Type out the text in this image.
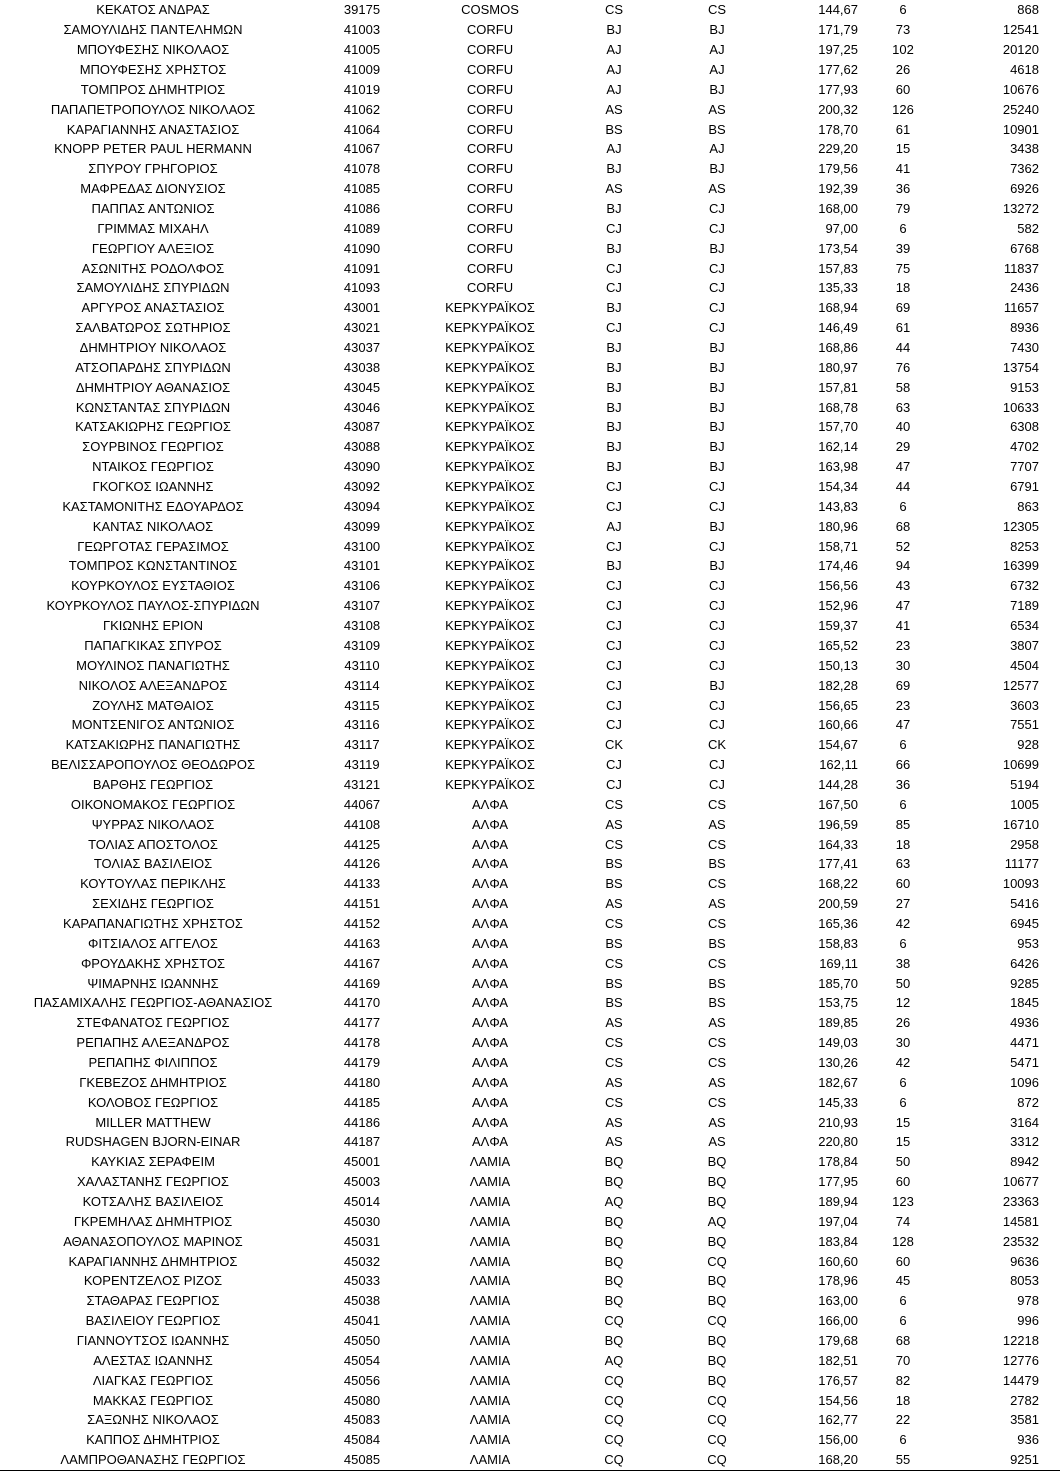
ΚΕΚΑΤΟΣ ΑΝΔΡΑΣ	39175	COSMOS	CS	CS	144,67	6	868
ΣΑΜΟΥΛΙΔΗΣ ΠΑΝΤΕΛΗΜΩΝ	41003	CORFU	BJ	BJ	171,79	73	12541
ΜΠΟΥΦΕΣΗΣ ΝΙΚΟΛΑΟΣ	41005	CORFU	AJ	AJ	197,25	102	20120
ΜΠΟΥΦΕΣΗΣ ΧΡΗΣΤΟΣ	41009	CORFU	AJ	AJ	177,62	26	4618
ΤΟΜΠΡΟΣ ΔΗΜΗΤΡΙΟΣ	41019	CORFU	AJ	BJ	177,93	60	10676
ΠΑΠΑΠΕΤΡΟΠΟΥΛΟΣ ΝΙΚΟΛΑΟΣ	41062	CORFU	AS	AS	200,32	126	25240
ΚΑΡΑΓΙΑΝΝΗΣ ΑΝΑΣΤΑΣΙΟΣ	41064	CORFU	BS	BS	178,70	61	10901
KNOPP PETER PAUL HERMANN	41067	CORFU	AJ	AJ	229,20	15	3438
ΣΠΥΡΟΥ ΓΡΗΓΟΡΙΟΣ	41078	CORFU	BJ	BJ	179,56	41	7362
ΜΑΦΡΕΔΑΣ ΔΙΟΝΥΣΙΟΣ	41085	CORFU	AS	AS	192,39	36	6926
ΠΑΠΠΑΣ ΑΝΤΩΝΙΟΣ	41086	CORFU	BJ	CJ	168,00	79	13272
ΓΡΙΜΜΑΣ ΜΙΧΑΗΛ	41089	CORFU	CJ	CJ	97,00	6	582
ΓΕΩΡΓΙΟΥ ΑΛΕΞΙΟΣ	41090	CORFU	BJ	BJ	173,54	39	6768
ΑΣΩΝΙΤΗΣ ΡΟΔΟΛΦΟΣ	41091	CORFU	CJ	CJ	157,83	75	11837
ΣΑΜΟΥΛΙΔΗΣ ΣΠΥΡΙΔΩΝ	41093	CORFU	CJ	CJ	135,33	18	2436
ΑΡΓΥΡΟΣ ΑΝΑΣΤΑΣΙΟΣ	43001	ΚΕΡΚΥΡΑΪΚΟΣ	BJ	CJ	168,94	69	11657
ΣΑΛΒΑΤΩΡΟΣ ΣΩΤΗΡΙΟΣ	43021	ΚΕΡΚΥΡΑΪΚΟΣ	CJ	CJ	146,49	61	8936
ΔΗΜΗΤΡΙΟΥ ΝΙΚΟΛΑΟΣ	43037	ΚΕΡΚΥΡΑΪΚΟΣ	BJ	BJ	168,86	44	7430
ΑΤΣΟΠΑΡΔΗΣ ΣΠΥΡΙΔΩΝ	43038	ΚΕΡΚΥΡΑΪΚΟΣ	BJ	BJ	180,97	76	13754
ΔΗΜΗΤΡΙΟΥ ΑΘΑΝΑΣΙΟΣ	43045	ΚΕΡΚΥΡΑΪΚΟΣ	BJ	BJ	157,81	58	9153
ΚΩΝΣΤΑΝΤΑΣ ΣΠΥΡΙΔΩΝ	43046	ΚΕΡΚΥΡΑΪΚΟΣ	BJ	BJ	168,78	63	10633
ΚΑΤΣΑΚΙΩΡΗΣ ΓΕΩΡΓΙΟΣ	43087	ΚΕΡΚΥΡΑΪΚΟΣ	BJ	BJ	157,70	40	6308
ΣΟΥΡΒΙΝΟΣ ΓΕΩΡΓΙΟΣ	43088	ΚΕΡΚΥΡΑΪΚΟΣ	BJ	BJ	162,14	29	4702
ΝΤΑΙΚΟΣ ΓΕΩΡΓΙΟΣ	43090	ΚΕΡΚΥΡΑΪΚΟΣ	BJ	BJ	163,98	47	7707
ΓΚΟΓΚΟΣ ΙΩΑΝΝΗΣ	43092	ΚΕΡΚΥΡΑΪΚΟΣ	CJ	CJ	154,34	44	6791
ΚΑΣΤΑΜΟΝΙΤΗΣ ΕΔΟΥΑΡΔΟΣ	43094	ΚΕΡΚΥΡΑΪΚΟΣ	CJ	CJ	143,83	6	863
ΚΑΝΤΑΣ ΝΙΚΟΛΑΟΣ	43099	ΚΕΡΚΥΡΑΪΚΟΣ	AJ	BJ	180,96	68	12305
ΓΕΩΡΓΟΤΑΣ ΓΕΡΑΣΙΜΟΣ	43100	ΚΕΡΚΥΡΑΪΚΟΣ	CJ	CJ	158,71	52	8253
ΤΟΜΠΡΟΣ ΚΩΝΣΤΑΝΤΙΝΟΣ	43101	ΚΕΡΚΥΡΑΪΚΟΣ	BJ	BJ	174,46	94	16399
ΚΟΥΡΚΟΥΛΟΣ ΕΥΣΤΑΘΙΟΣ	43106	ΚΕΡΚΥΡΑΪΚΟΣ	CJ	CJ	156,56	43	6732
ΚΟΥΡΚΟΥΛΟΣ ΠΑΥΛΟΣ-ΣΠΥΡΙΔΩΝ	43107	ΚΕΡΚΥΡΑΪΚΟΣ	CJ	CJ	152,96	47	7189
ΓΚΙΩΝΗΣ ΕΡΙΟΝ	43108	ΚΕΡΚΥΡΑΪΚΟΣ	CJ	CJ	159,37	41	6534
ΠΑΠΑΓΚΙΚΑΣ ΣΠΥΡΟΣ	43109	ΚΕΡΚΥΡΑΪΚΟΣ	CJ	CJ	165,52	23	3807
ΜΟΥΛΙΝΟΣ ΠΑΝΑΓΙΩΤΗΣ	43110	ΚΕΡΚΥΡΑΪΚΟΣ	CJ	CJ	150,13	30	4504
ΝΙΚΟΛΟΣ ΑΛΕΞΑΝΔΡΟΣ	43114	ΚΕΡΚΥΡΑΪΚΟΣ	CJ	BJ	182,28	69	12577
ΖΟΥΛΗΣ ΜΑΤΘΑΙΟΣ	43115	ΚΕΡΚΥΡΑΪΚΟΣ	CJ	CJ	156,65	23	3603
ΜΟΝΤΣΕΝΙΓΟΣ ΑΝΤΩΝΙΟΣ	43116	ΚΕΡΚΥΡΑΪΚΟΣ	CJ	CJ	160,66	47	7551
ΚΑΤΣΑΚΙΩΡΗΣ ΠΑΝΑΓΙΩΤΗΣ	43117	ΚΕΡΚΥΡΑΪΚΟΣ	CK	CK	154,67	6	928
ΒΕΛΙΣΣΑΡΟΠΟΥΛΟΣ ΘΕΟΔΩΡΟΣ	43119	ΚΕΡΚΥΡΑΪΚΟΣ	CJ	CJ	162,11	66	10699
ΒΑΡΘΗΣ ΓΕΩΡΓΙΟΣ	43121	ΚΕΡΚΥΡΑΪΚΟΣ	CJ	CJ	144,28	36	5194
ΟΙΚΟΝΟΜΑΚΟΣ ΓΕΩΡΓΙΟΣ	44067	ΑΛΦΑ	CS	CS	167,50	6	1005
ΨΥΡΡΑΣ ΝΙΚΟΛΑΟΣ	44108	ΑΛΦΑ	AS	AS	196,59	85	16710
ΤΟΛΙΑΣ ΑΠΟΣΤΟΛΟΣ	44125	ΑΛΦΑ	CS	CS	164,33	18	2958
ΤΟΛΙΑΣ ΒΑΣΙΛΕΙΟΣ	44126	ΑΛΦΑ	BS	BS	177,41	63	11177
ΚΟΥΤΟΥΛΑΣ ΠΕΡΙΚΛΗΣ	44133	ΑΛΦΑ	BS	CS	168,22	60	10093
ΣΕΧΙΔΗΣ ΓΕΩΡΓΙΟΣ	44151	ΑΛΦΑ	AS	AS	200,59	27	5416
ΚΑΡΑΠΑΝΑΓΙΩΤΗΣ ΧΡΗΣΤΟΣ	44152	ΑΛΦΑ	CS	CS	165,36	42	6945
ΦΙΤΣΙΑΛΟΣ ΑΓΓΕΛΟΣ	44163	ΑΛΦΑ	BS	BS	158,83	6	953
ΦΡΟΥΔΑΚΗΣ ΧΡΗΣΤΟΣ	44167	ΑΛΦΑ	CS	CS	169,11	38	6426
ΨΙΜΑΡΝΗΣ ΙΩΑΝΝΗΣ	44169	ΑΛΦΑ	BS	BS	185,70	50	9285
ΠΑΣΑΜΙΧΑΛΗΣ ΓΕΩΡΓΙΟΣ-ΑΘΑΝΑΣΙΟΣ	44170	ΑΛΦΑ	BS	BS	153,75	12	1845
ΣΤΕΦΑΝΑΤΟΣ ΓΕΩΡΓΙΟΣ	44177	ΑΛΦΑ	AS	AS	189,85	26	4936
ΡΕΠΑΠΗΣ ΑΛΕΞΑΝΔΡΟΣ	44178	ΑΛΦΑ	CS	CS	149,03	30	4471
ΡΕΠΑΠΗΣ ΦΙΛΙΠΠΟΣ	44179	ΑΛΦΑ	CS	CS	130,26	42	5471
ΓΚΕΒΕΖΟΣ ΔΗΜΗΤΡΙΟΣ	44180	ΑΛΦΑ	AS	AS	182,67	6	1096
ΚΟΛΟΒΟΣ ΓΕΩΡΓΙΟΣ	44185	ΑΛΦΑ	CS	CS	145,33	6	872
MILLER MATTHEW	44186	ΑΛΦΑ	AS	AS	210,93	15	3164
RUDSHAGEN BJORN-EINAR	44187	ΑΛΦΑ	AS	AS	220,80	15	3312
ΚΑΥΚΙΑΣ ΣΕΡΑΦΕΙΜ	45001	ΛΑΜΙΑ	BQ	BQ	178,84	50	8942
ΧΑΛΑΣΤΑΝΗΣ ΓΕΩΡΓΙΟΣ	45003	ΛΑΜΙΑ	BQ	BQ	177,95	60	10677
ΚΟΤΣΑΛΗΣ ΒΑΣΙΛΕΙΟΣ	45014	ΛΑΜΙΑ	AQ	BQ	189,94	123	23363
ΓΚΡΕΜΗΛΑΣ ΔΗΜΗΤΡΙΟΣ	45030	ΛΑΜΙΑ	BQ	AQ	197,04	74	14581
ΑΘΑΝΑΣΟΠΟΥΛΟΣ ΜΑΡΙΝΟΣ	45031	ΛΑΜΙΑ	BQ	BQ	183,84	128	23532
ΚΑΡΑΓΙΑΝΝΗΣ ΔΗΜΗΤΡΙΟΣ	45032	ΛΑΜΙΑ	BQ	CQ	160,60	60	9636
ΚΟΡΕΝΤΖΕΛΟΣ ΡΙΖΟΣ	45033	ΛΑΜΙΑ	BQ	BQ	178,96	45	8053
ΣΤΑΘΑΡΑΣ ΓΕΩΡΓΙΟΣ	45038	ΛΑΜΙΑ	BQ	BQ	163,00	6	978
ΒΑΣΙΛΕΙΟΥ ΓΕΩΡΓΙΟΣ	45041	ΛΑΜΙΑ	CQ	CQ	166,00	6	996
ΓΙΑΝΝΟΥΤΣΟΣ ΙΩΑΝΝΗΣ	45050	ΛΑΜΙΑ	BQ	BQ	179,68	68	12218
ΑΛΕΣΤΑΣ ΙΩΑΝΝΗΣ	45054	ΛΑΜΙΑ	AQ	BQ	182,51	70	12776
ΛΙΑΓΚΑΣ ΓΕΩΡΓΙΟΣ	45056	ΛΑΜΙΑ	CQ	BQ	176,57	82	14479
ΜΑΚΚΑΣ ΓΕΩΡΓΙΟΣ	45080	ΛΑΜΙΑ	CQ	CQ	154,56	18	2782
ΣΑΞΩΝΗΣ ΝΙΚΟΛΑΟΣ	45083	ΛΑΜΙΑ	CQ	CQ	162,77	22	3581
ΚΑΠΠΟΣ ΔΗΜΗΤΡΙΟΣ	45084	ΛΑΜΙΑ	CQ	CQ	156,00	6	936
ΛΑΜΠΡΟΘΑΝΑΣΗΣ ΓΕΩΡΓΙΟΣ	45085	ΛΑΜΙΑ	CQ	CQ	168,20	55	9251
